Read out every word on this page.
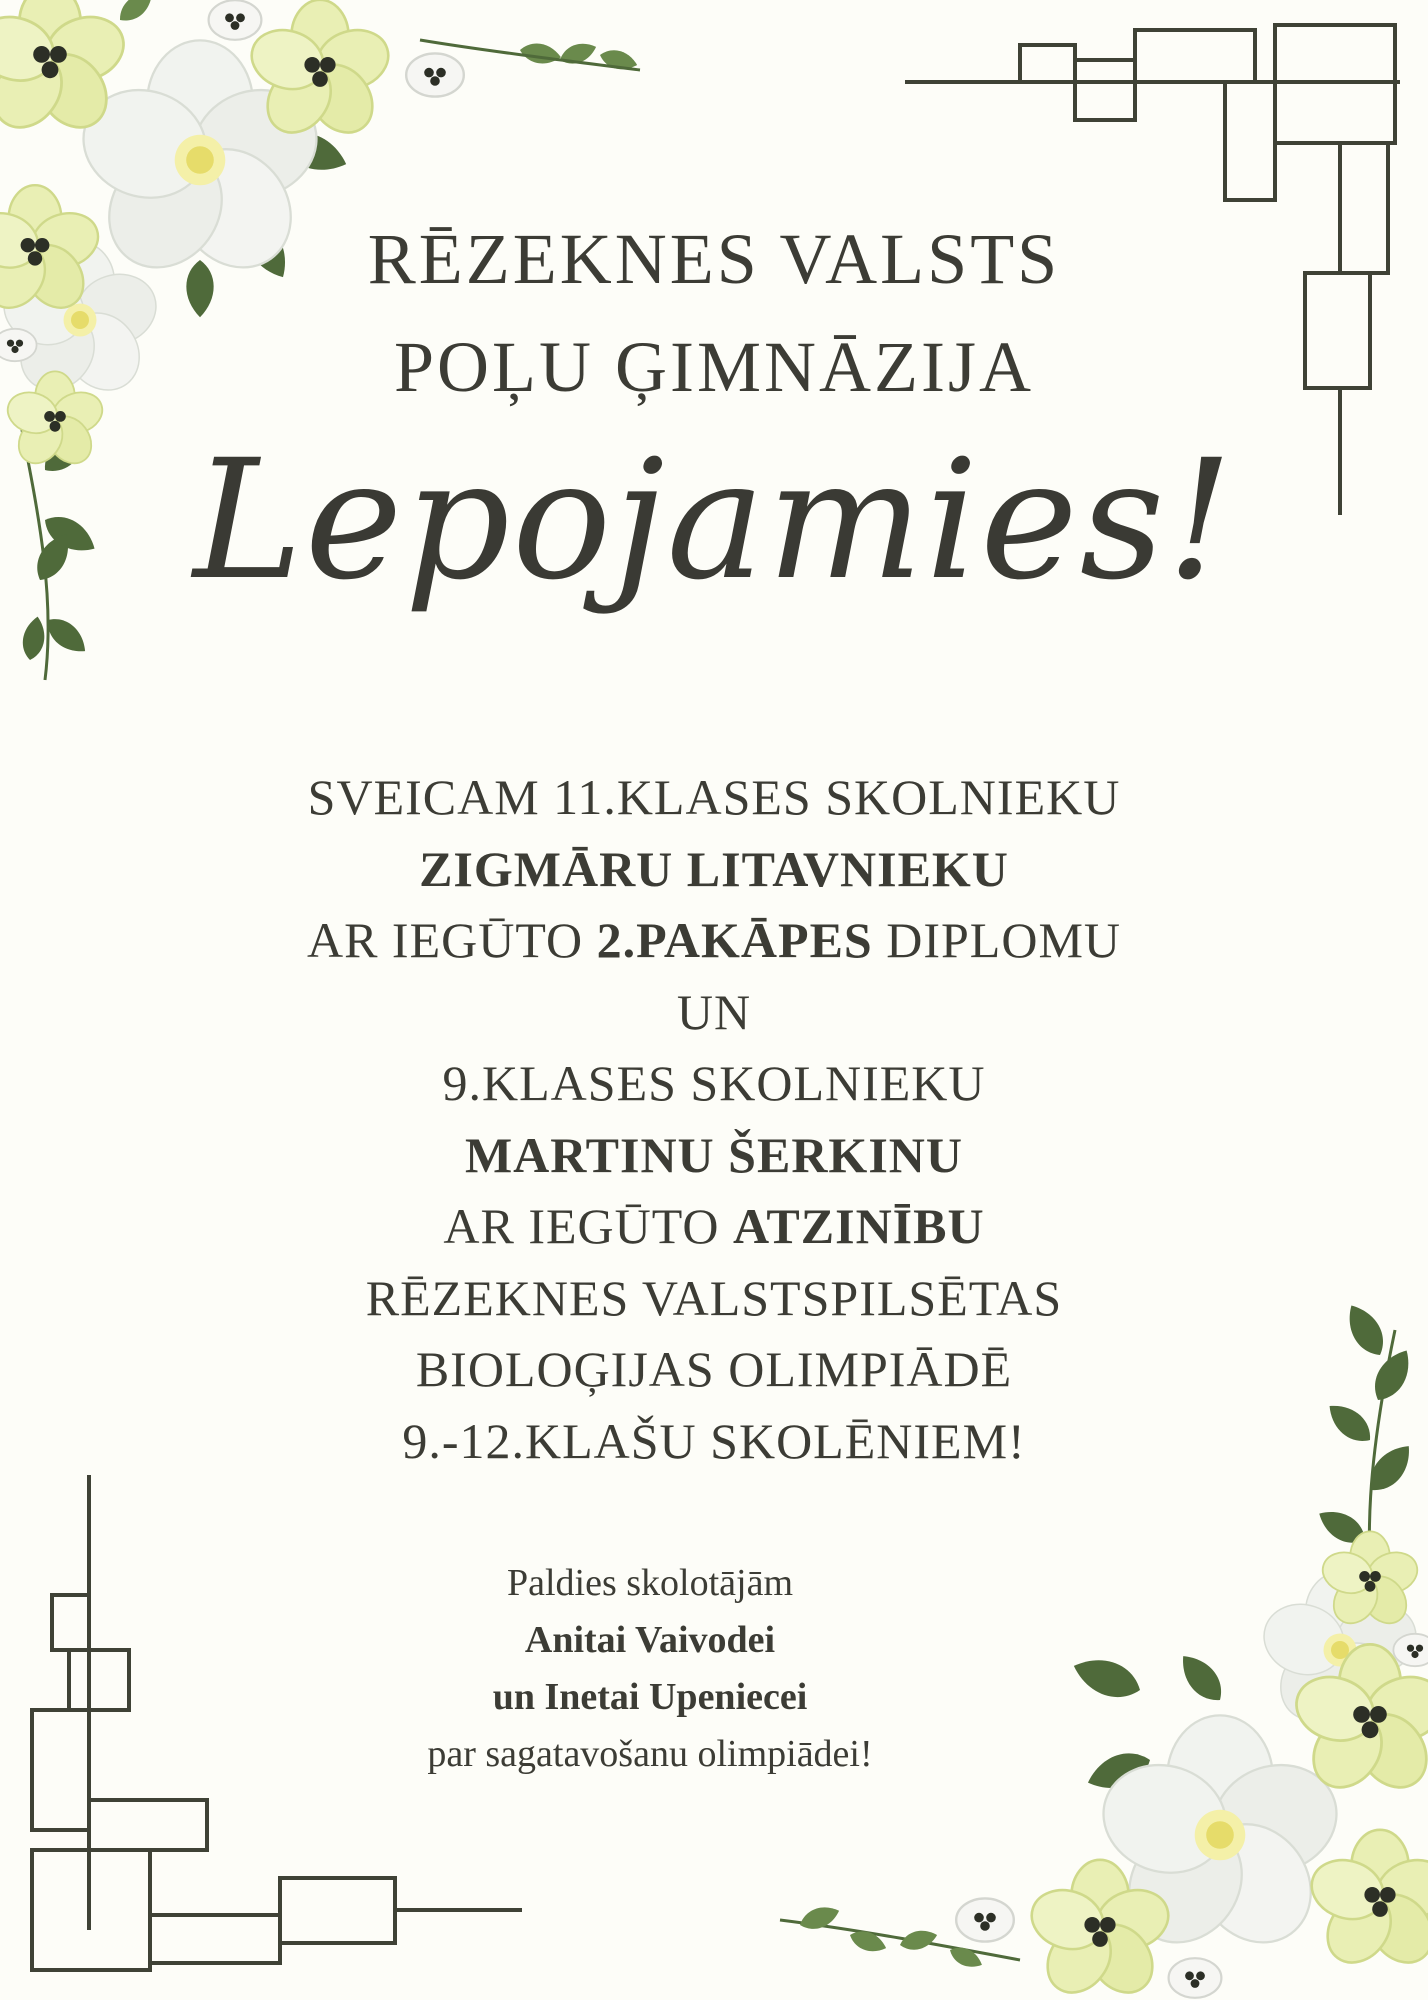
RĒZEKNES VALSTS
POĻU ĢIMNĀZIJA
Lepojamies!
SVEICAM 11.KLASES SKOLNIEKU
ZIGMĀRU LITAVNIEKU
AR IEGŪTO 2.PAKĀPES DIPLOMU
UN
9.KLASES SKOLNIEKU
MARTINU ŠERKINU
AR IEGŪTO ATZINĪBU
RĒZEKNES VALSTSPILSĒTAS
BIOLOĢIJAS OLIMPIĀDĒ
9.-12.KLAŠU SKOLĒNIEM!
Paldies skolotājām
Anitai Vaivodei
un Inetai Upeniecei
par sagatavošanu olimpiādei!
